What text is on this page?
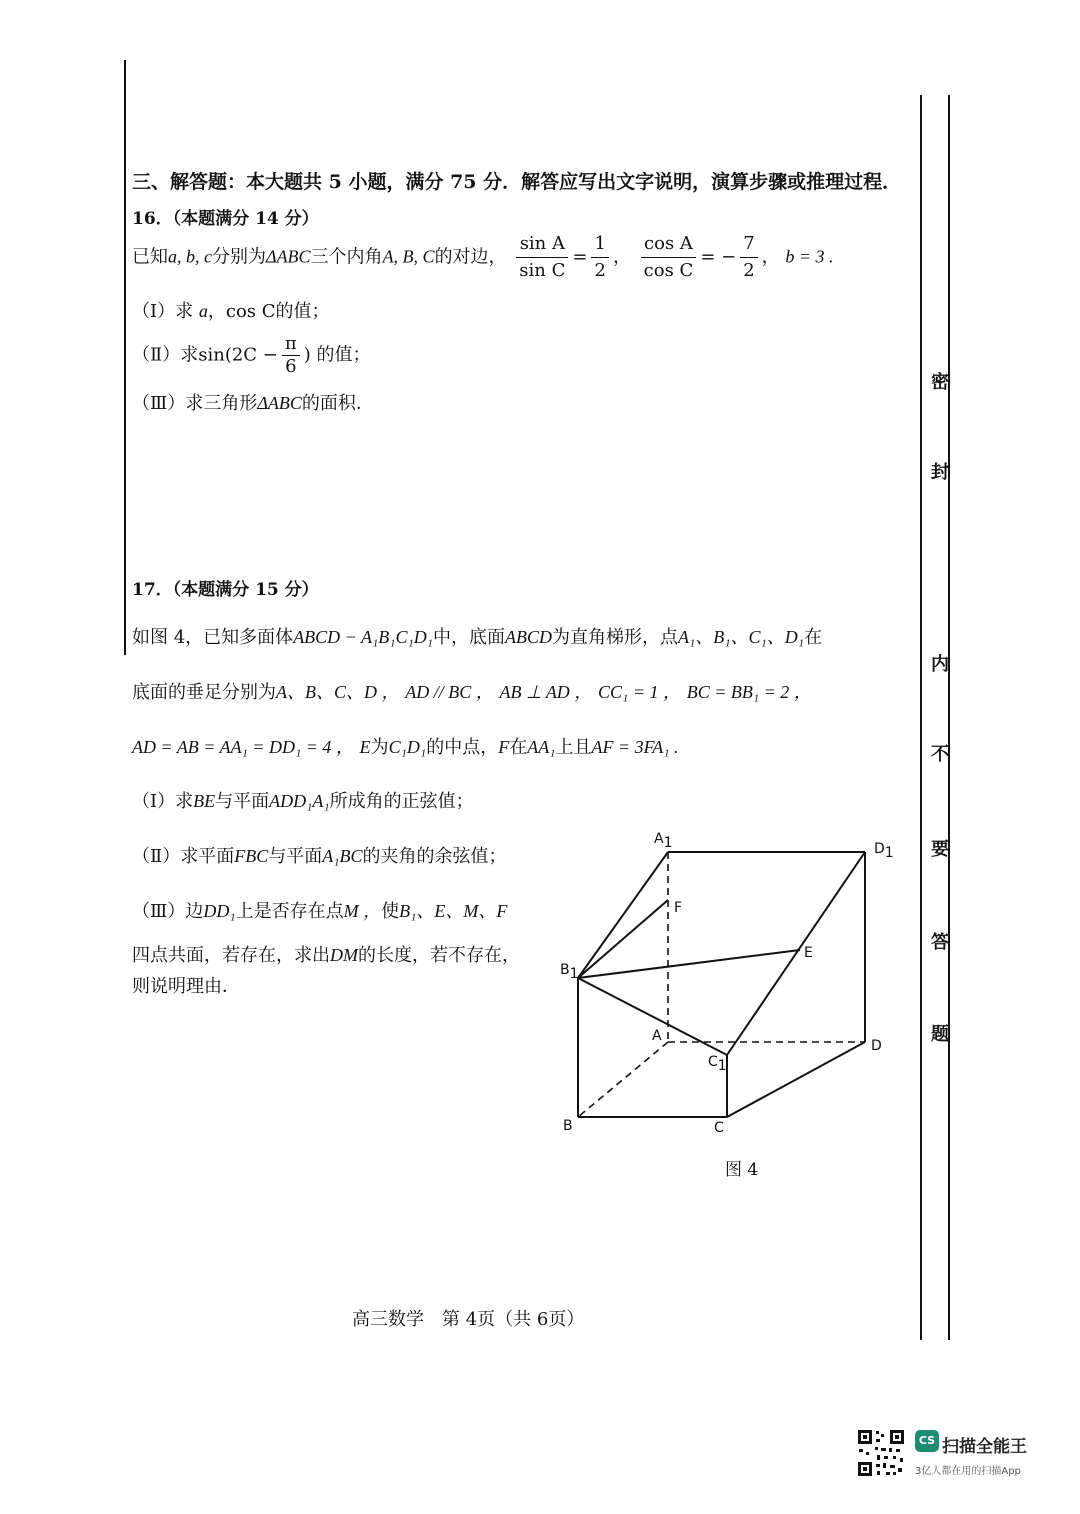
密
封
内
不
要
答
题
三、解答题：本大题共 5 小题，满分 75 分．解答应写出文字说明，演算步骤或推理过程．
16．（本题满分 14 分）
已知a, b, c分别为ΔABC三个内角A, B, C的对边， $\frac{\text{sin A}}{\text{sin C}} = \frac{1}{2}$ ， $\frac{\text{cos A}}{\text{cos C}}$ = − $\frac{7}{2}$ ， b = 3 .
（Ⅰ）求 a，cos C的值；
（Ⅱ）求$\sin(2C - \frac{\pi}{6}$ ) 的值；
（Ⅲ）求三角形ΔABC的面积．
17．（本题满分 15 分）
如图 4，已知多面体ABCD − A₁B₁C₁D₁中，底面ABCD为直角梯形，点A₁、B₁、C₁、D₁在
底面的垂足分别为A、B、C、D ， AD // BC ， AB ⊥ AD ， CC₁ = 1 ， BC = BB₁ = 2 ，
AD = AB = AA₁ = DD₁ = 4 ， E为C₁D₁的中点，F在AA₁上且AF = 3FA₁ .
（Ⅰ）求BE与平面ADD₁A₁所成角的正弦值；
（Ⅱ）求平面FBC与平面A₁BC的夹角的余弦值；
（Ⅲ）边DD₁上是否存在点M ，使B₁、E、M、F
四点共面，若存在，求出DM的长度，若不存在，
则说明理由．
A1	D1
F
E
B1
A
C1
D
B	C
图 4
高三数学　第 4页（共 6页）
CS 扫描全能王
3亿人都在用的扫描App
